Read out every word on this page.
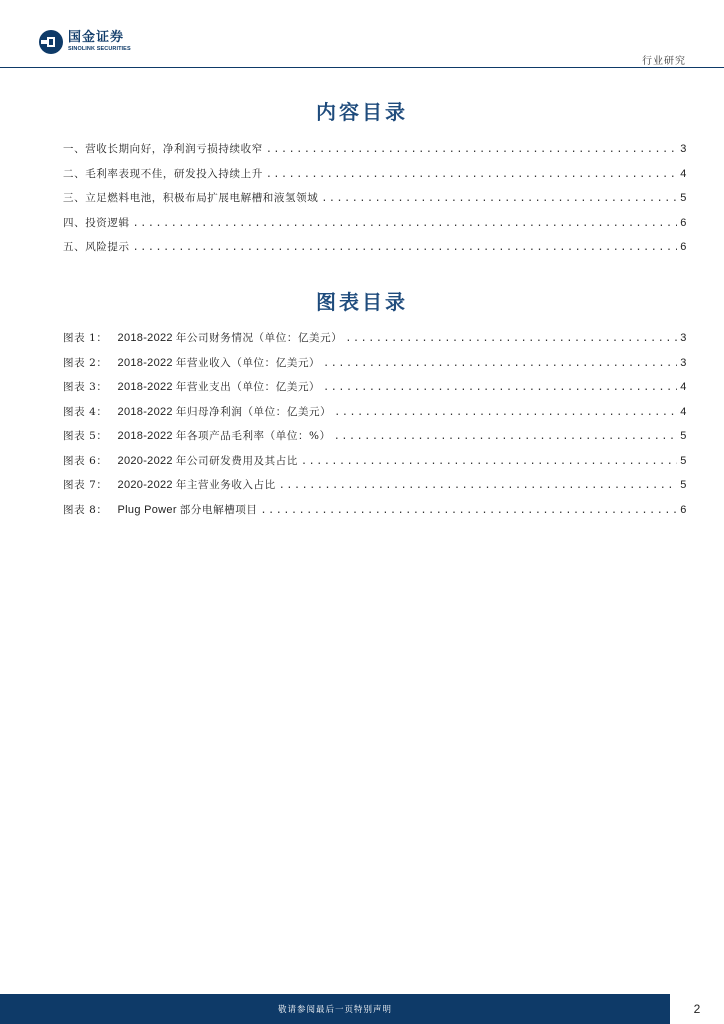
国金证券
SINOLINK SECURITIES
行业研究
内容目录
一、营收长期向好，净利润亏损持续收窄 .....	3
二、毛利率表现不佳，研发投入持续上升 .....	4
三、立足燃料电池，积极布局扩展电解槽和液氢领域 .....	5
四、投资逻辑 .....	6
五、风险提示 .....	6
图表目录
图表 1： 2018-2022 年公司财务情况（单位：亿美元） .....	3
图表 2： 2018-2022 年营业收入（单位：亿美元） .....	3
图表 3： 2018-2022 年营业支出（单位：亿美元） .....	4
图表 4： 2018-2022 年归母净利润（单位：亿美元） .....	4
图表 5： 2018-2022 年各项产品毛利率（单位：%） .....	5
图表 6： 2020-2022 年公司研发费用及其占比 .....	5
图表 7： 2020-2022 年主营业务收入占比 .....	5
图表 8： Plug Power 部分电解槽项目 .....	6
敬请参阅最后一页特别声明	2
